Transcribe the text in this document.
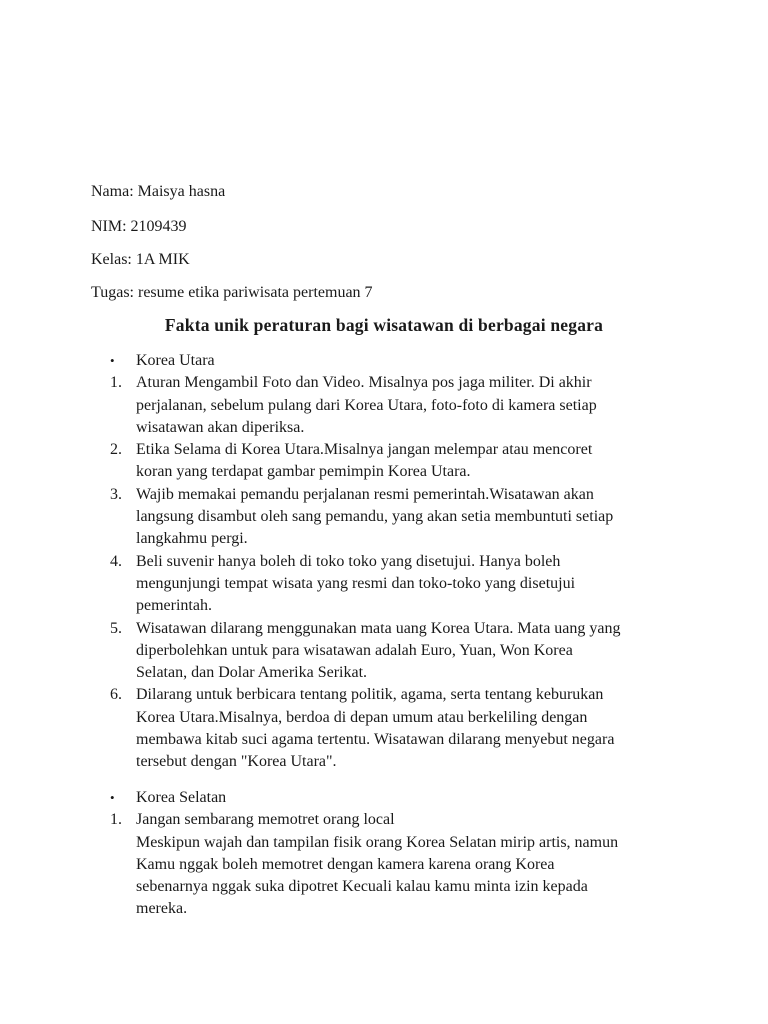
Nama: Maisya hasna
NIM: 2109439
Kelas: 1A MIK
Tugas: resume etika pariwisata pertemuan 7
Fakta unik peraturan bagi wisatawan di berbagai negara
•	Korea Utara
1. Aturan Mengambil Foto dan Video. Misalnya pos jaga militer. Di akhir
perjalanan, sebelum pulang dari Korea Utara, foto-foto di kamera setiap
wisatawan akan diperiksa.
2. Etika Selama di Korea Utara.Misalnya jangan melempar atau mencoret
koran yang terdapat gambar pemimpin Korea Utara.
3. Wajib memakai pemandu perjalanan resmi pemerintah.Wisatawan akan
langsung disambut oleh sang pemandu, yang akan setia membuntuti setiap
langkahmu pergi.
4. Beli suvenir hanya boleh di toko toko yang disetujui. Hanya boleh
mengunjungi tempat wisata yang resmi dan toko-toko yang disetujui
pemerintah.
5. Wisatawan dilarang menggunakan mata uang Korea Utara. Mata uang yang
diperbolehkan untuk para wisatawan adalah Euro, Yuan, Won Korea
Selatan, dan Dolar Amerika Serikat.
6. Dilarang untuk berbicara tentang politik, agama, serta tentang keburukan
Korea Utara.Misalnya, berdoa di depan umum atau berkeliling dengan
membawa kitab suci agama tertentu. Wisatawan dilarang menyebut negara
tersebut dengan "Korea Utara".
•	Korea Selatan
1. Jangan sembarang memotret orang local
Meskipun wajah dan tampilan fisik orang Korea Selatan mirip artis, namun
Kamu nggak boleh memotret dengan kamera karena orang Korea
sebenarnya nggak suka dipotret Kecuali kalau kamu minta izin kepada
mereka.
